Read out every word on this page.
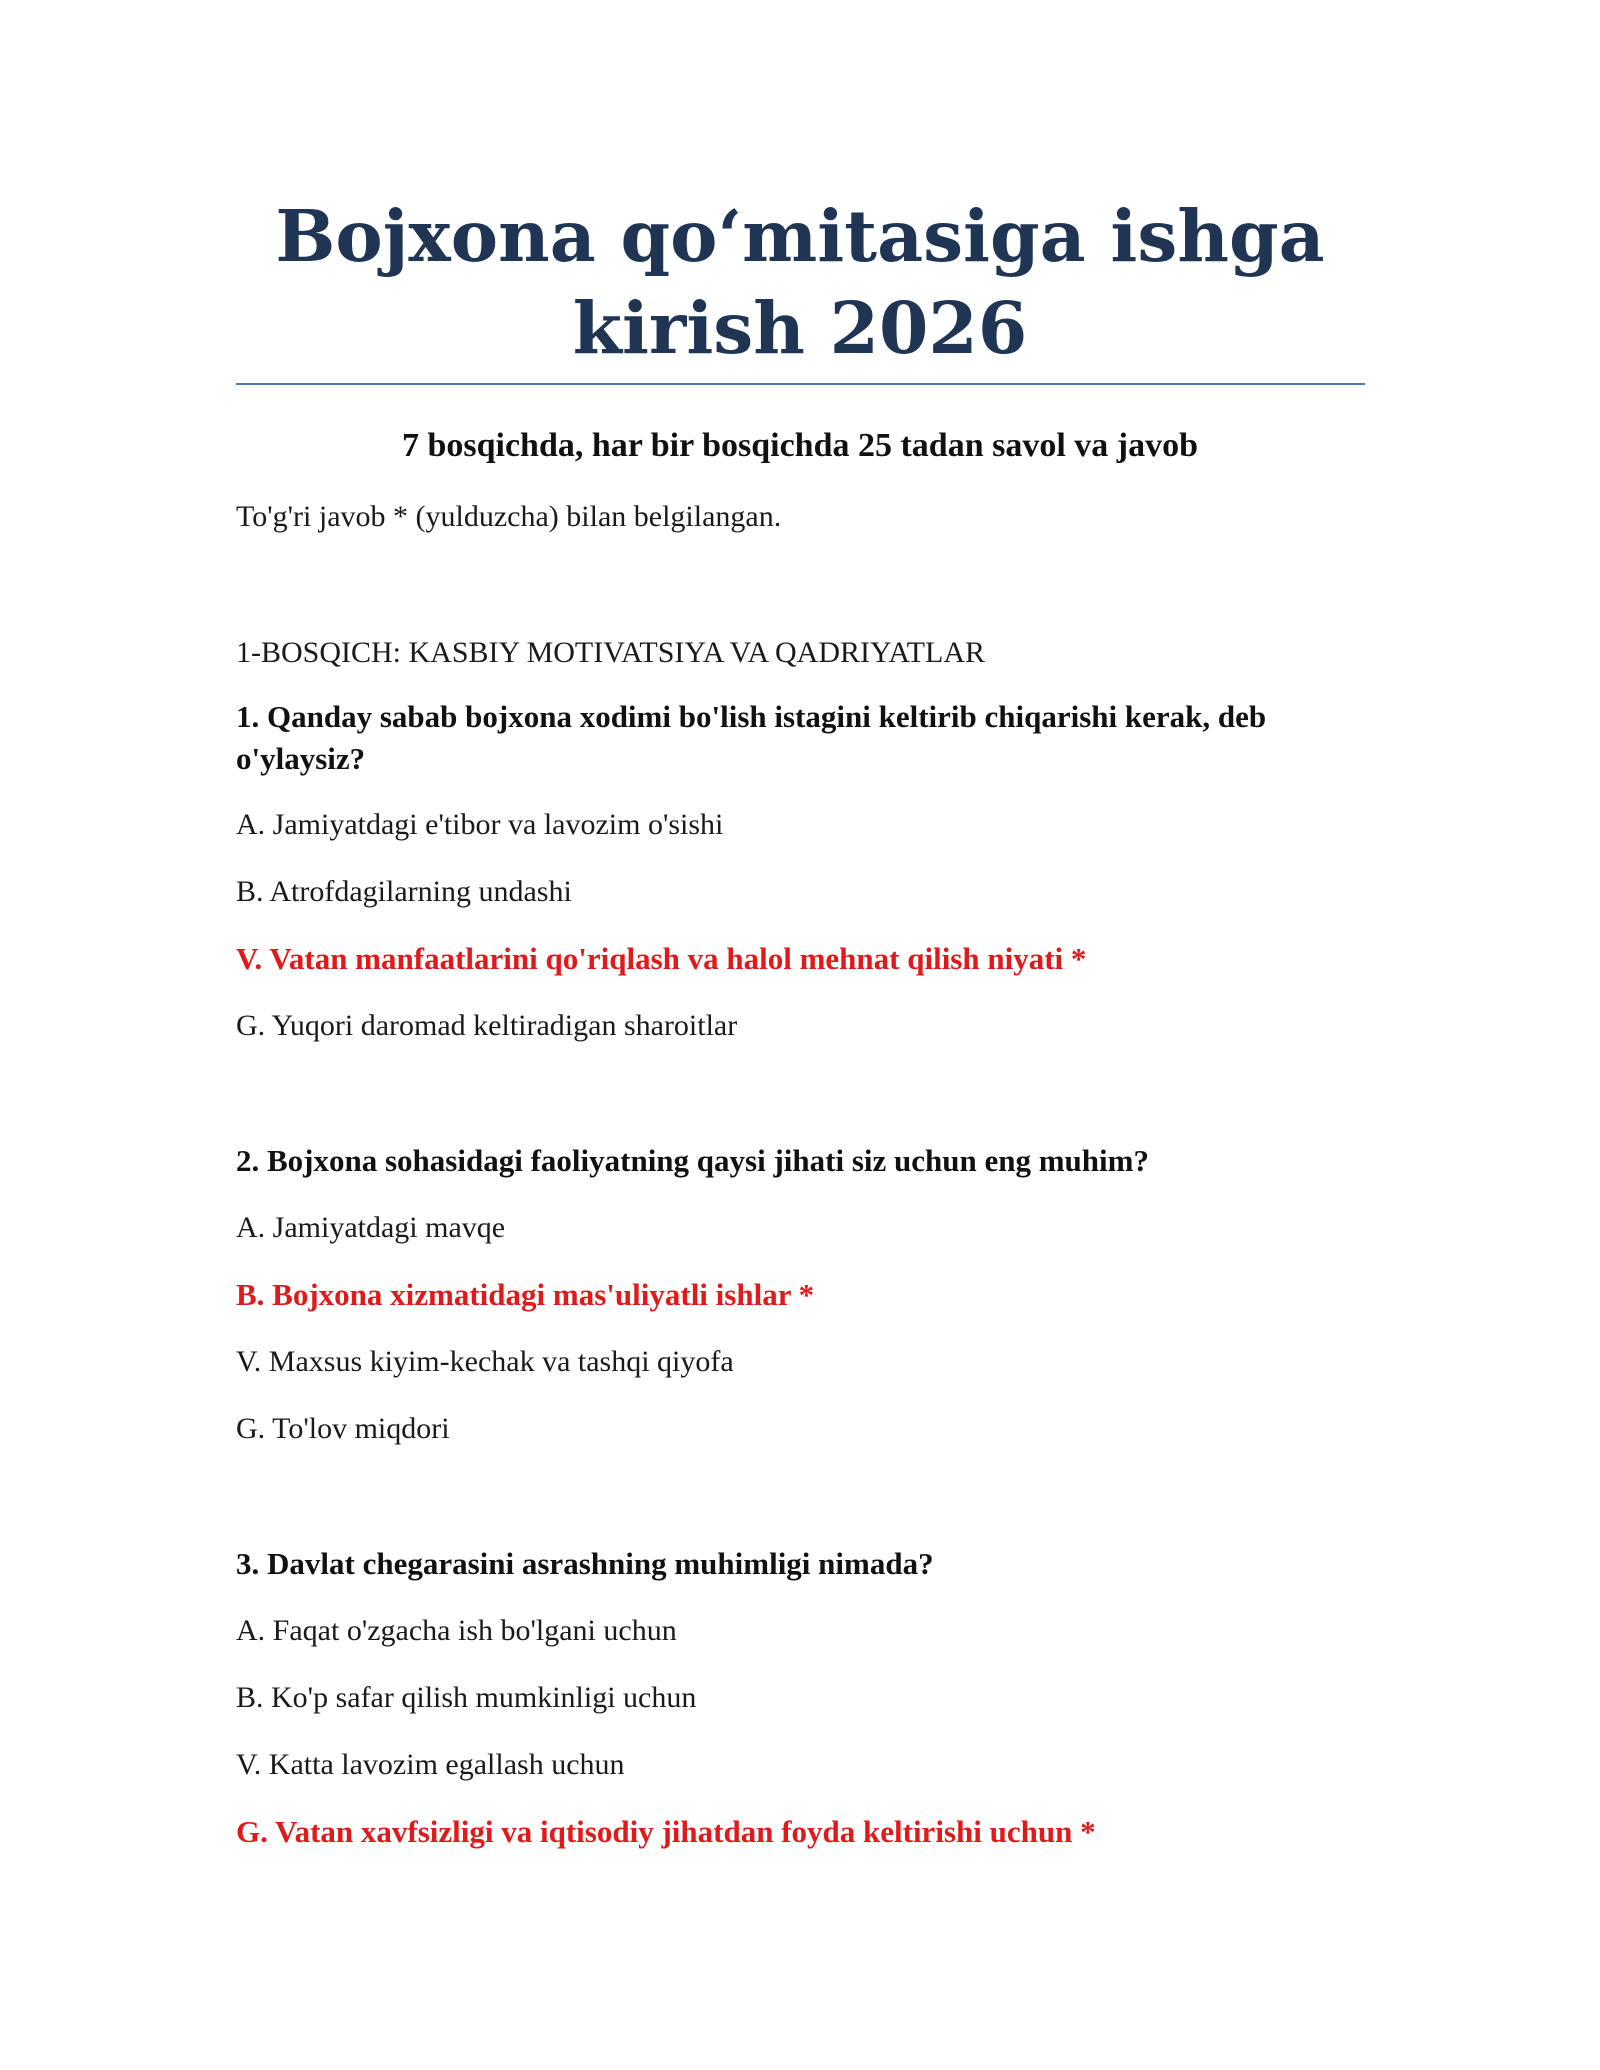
Bojxona qo‘mitasiga ishga
kirish 2026

7 bosqichda, har bir bosqichda 25 tadan savol va javob

To'g'ri javob * (yulduzcha) bilan belgilangan.

1-BOSQICH: KASBIY MOTIVATSIYA VA QADRIYATLAR

1. Qanday sabab bojxona xodimi bo'lish istagini keltirib chiqarishi kerak, deb o'ylaysiz?

A. Jamiyatdagi e'tibor va lavozim o'sishi

B. Atrofdagilarning undashi

V. Vatan manfaatlarini qo'riqlash va halol mehnat qilish niyati *

G. Yuqori daromad keltiradigan sharoitlar

2. Bojxona sohasidagi faoliyatning qaysi jihati siz uchun eng muhim?

A. Jamiyatdagi mavqe

B. Bojxona xizmatidagi mas'uliyatli ishlar *

V. Maxsus kiyim-kechak va tashqi qiyofa

G. To'lov miqdori

3. Davlat chegarasini asrashning muhimligi nimada?

A. Faqat o'zgacha ish bo'lgani uchun

B. Ko'p safar qilish mumkinligi uchun

V. Katta lavozim egallash uchun

G. Vatan xavfsizligi va iqtisodiy jihatdan foyda keltirishi uchun *
